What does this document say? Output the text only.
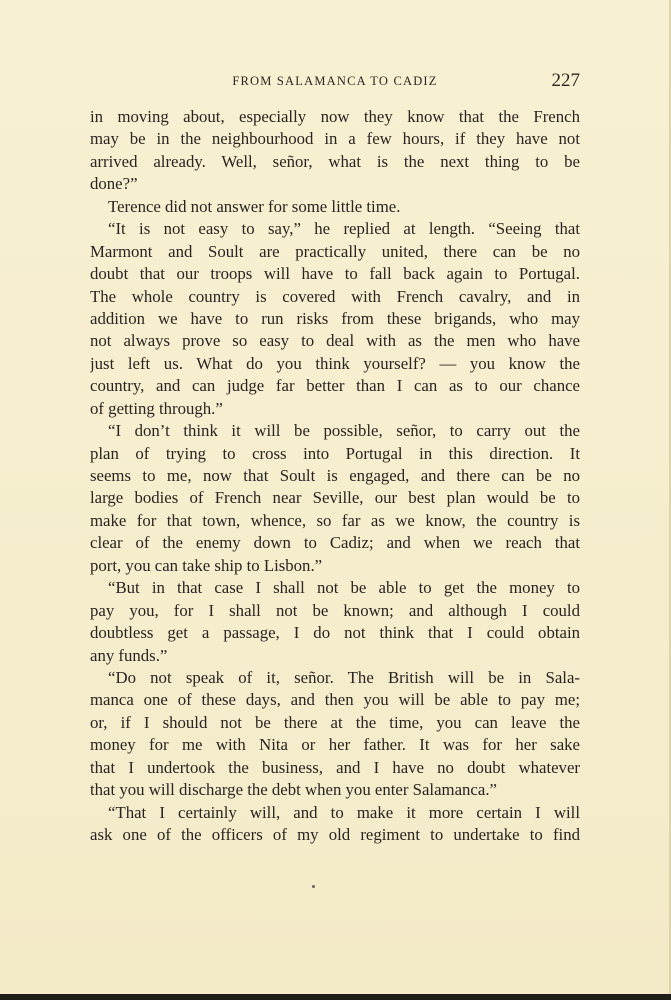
FROM SALAMANCA TO CADIZ	227
in moving about, especially now they know that the French
may be in the neighbourhood in a few hours, if they have not
arrived already. Well, señor, what is the next thing to be
done?”
Terence did not answer for some little time.
“It is not easy to say,” he replied at length. “Seeing that
Marmont and Soult are practically united, there can be no
doubt that our troops will have to fall back again to Portugal.
The whole country is covered with French cavalry, and in
addition we have to run risks from these brigands, who may
not always prove so easy to deal with as the men who have
just left us. What do you think yourself? — you know the
country, and can judge far better than I can as to our chance
of getting through.”
“I don’t think it will be possible, señor, to carry out the
plan of trying to cross into Portugal in this direction. It
seems to me, now that Soult is engaged, and there can be no
large bodies of French near Seville, our best plan would be to
make for that town, whence, so far as we know, the country is
clear of the enemy down to Cadiz; and when we reach that
port, you can take ship to Lisbon.”
“But in that case I shall not be able to get the money to
pay you, for I shall not be known; and although I could
doubtless get a passage, I do not think that I could obtain
any funds.”
“Do not speak of it, señor. The British will be in Sala-
manca one of these days, and then you will be able to pay me;
or, if I should not be there at the time, you can leave the
money for me with Nita or her father. It was for her sake
that I undertook the business, and I have no doubt whatever
that you will discharge the debt when you enter Salamanca.”
“That I certainly will, and to make it more certain I will
ask one of the officers of my old regiment to undertake to find
